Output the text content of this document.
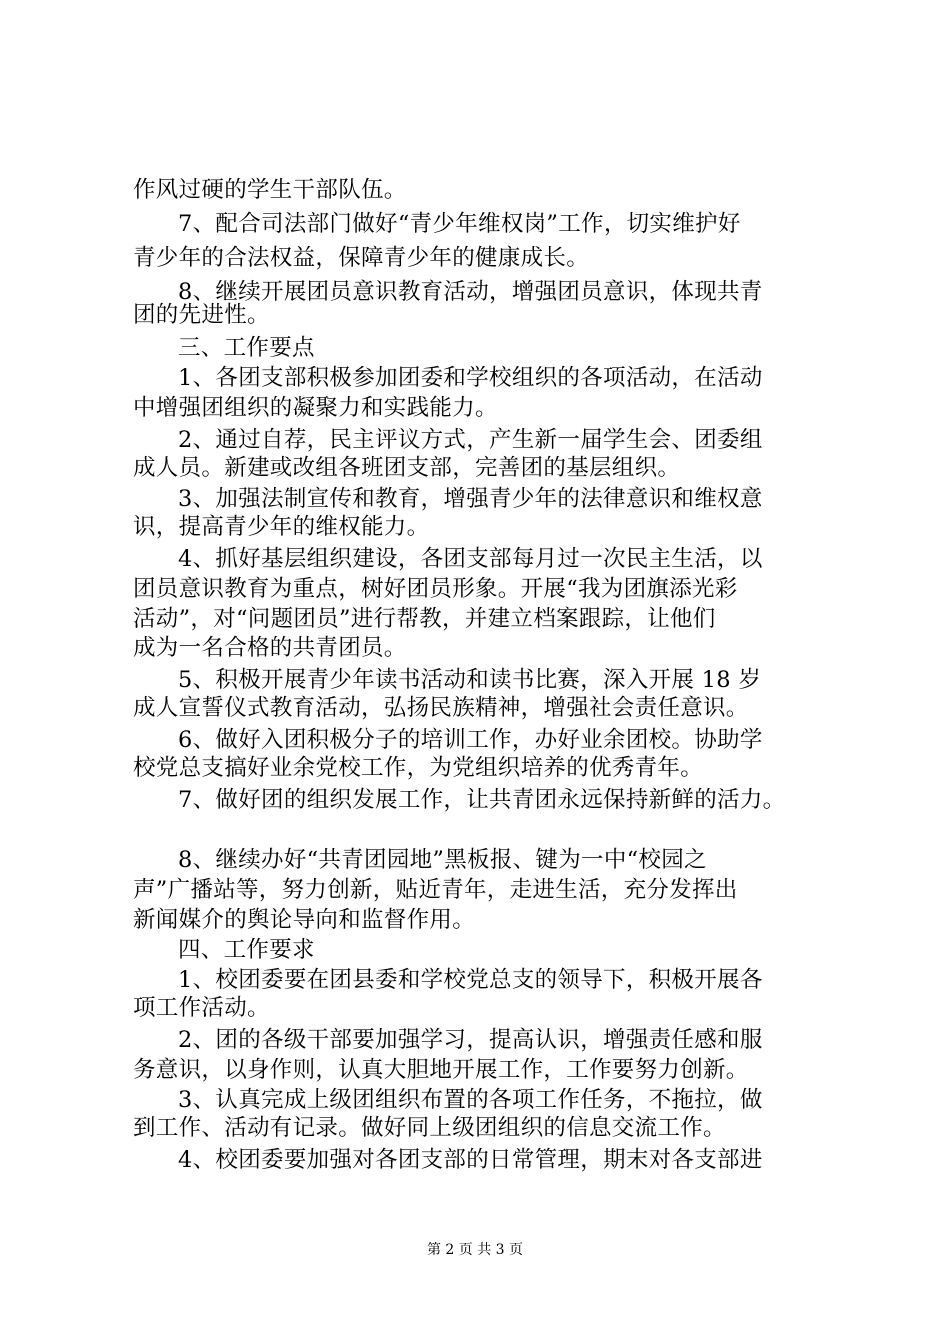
作风过硬的学生干部队伍。
7、配合司法部门做好“青少年维权岗”工作，切实维护好
青少年的合法权益，保障青少年的健康成长。
8、继续开展团员意识教育活动，增强团员意识，体现共青
团的先进性。
三、工作要点
1、各团支部积极参加团委和学校组织的各项活动，在活动
中增强团组织的凝聚力和实践能力。
2、通过自荐，民主评议方式，产生新一届学生会、团委组
成人员。新建或改组各班团支部，完善团的基层组织。
3、加强法制宣传和教育，增强青少年的法律意识和维权意
识，提高青少年的维权能力。
4、抓好基层组织建设，各团支部每月过一次民主生活，以
团员意识教育为重点，树好团员形象。开展“我为团旗添光彩
活动”，对“问题团员”进行帮教，并建立档案跟踪，让他们
成为一名合格的共青团员。
5、积极开展青少年读书活动和读书比赛，深入开展 18 岁
成人宣誓仪式教育活动，弘扬民族精神，增强社会责任意识。
6、做好入团积极分子的培训工作，办好业余团校。协助学
校党总支搞好业余党校工作，为党组织培养的优秀青年。
7、做好团的组织发展工作，让共青团永远保持新鲜的活力。
8、继续办好“共青团园地”黑板报、键为一中“校园之
声”广播站等，努力创新，贴近青年，走进生活，充分发挥出
新闻媒介的舆论导向和监督作用。
四、工作要求
1、校团委要在团县委和学校党总支的领导下，积极开展各
项工作活动。
2、团的各级干部要加强学习，提高认识，增强责任感和服
务意识，以身作则，认真大胆地开展工作，工作要努力创新。
3、认真完成上级团组织布置的各项工作任务，不拖拉，做
到工作、活动有记录。做好同上级团组织的信息交流工作。
4、校团委要加强对各团支部的日常管理，期末对各支部进
第 2 页 共 3 页
